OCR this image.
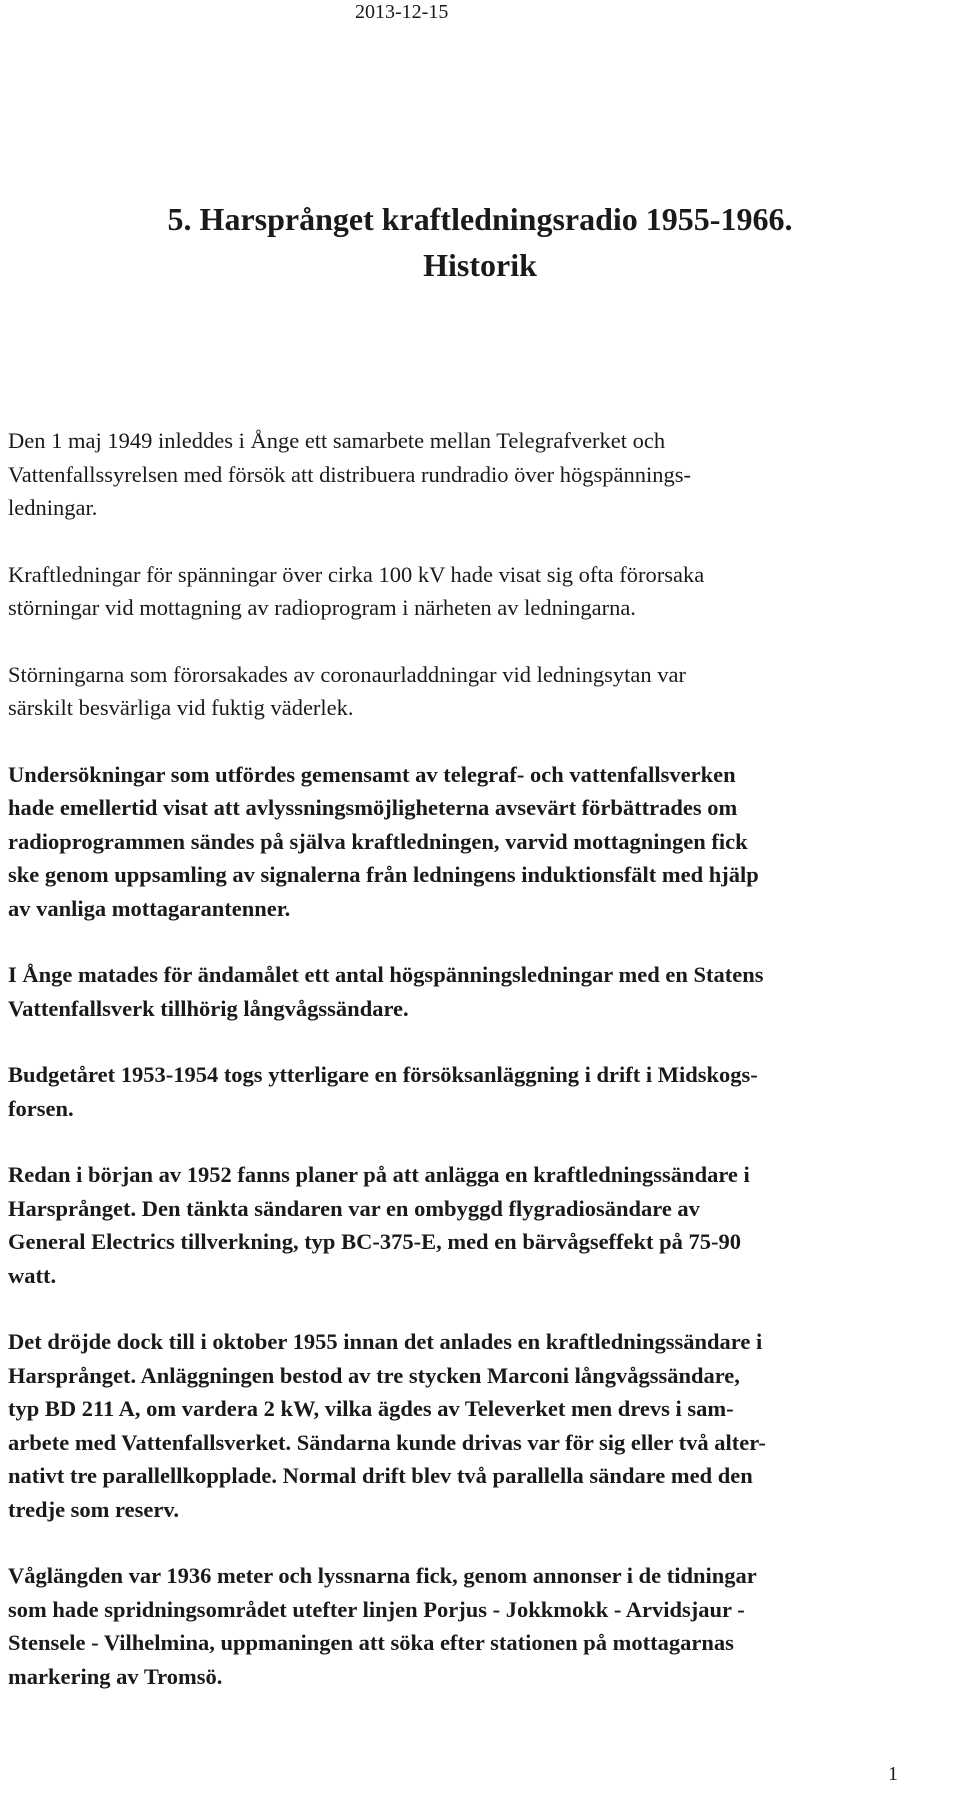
2013-12-15
5. Harsprånget kraftledningsradio 1955-1966.
Historik

Den 1 maj 1949 inleddes i Ånge ett samarbete mellan Telegrafverket och
Vattenfallssyrelsen med försök att distribuera rundradio över högspännings-
ledningar.

Kraftledningar för spänningar över cirka 100 kV hade visat sig ofta förorsaka
störningar vid mottagning av radioprogram i närheten av ledningarna.

Störningarna som förorsakades av coronaurladdningar vid ledningsytan var
särskilt besvärliga vid fuktig väderlek.

Undersökningar som utfördes gemensamt av telegraf- och vattenfallsverken
hade emellertid visat att avlyssningsmöjligheterna avsevärt förbättrades om
radioprogrammen sändes på själva kraftledningen, varvid mottagningen fick
ske genom uppsamling av signalerna från ledningens induktionsfält med hjälp
av vanliga mottagarantenner.

I Ånge matades för ändamålet ett antal högspänningsledningar med en Statens
Vattenfallsverk tillhörig långvågssändare.

Budgetåret 1953-1954 togs ytterligare en försöksanläggning i drift i Midskogs-
forsen.

Redan i början av 1952 fanns planer på att anlägga en kraftledningssändare i
Harsprånget. Den tänkta sändaren var en ombyggd flygradiosändare av
General Electrics tillverkning, typ BC-375-E, med en bärvågseffekt på 75-90
watt.

Det dröjde dock till i oktober 1955 innan det anlades en kraftledningssändare i
Harsprånget. Anläggningen bestod av tre stycken Marconi långvågssändare,
typ BD 211 A, om vardera 2 kW, vilka ägdes av Televerket men drevs i sam-
arbete med Vattenfallsverket. Sändarna kunde drivas var för sig eller två alter-
nativt tre parallellkopplade. Normal drift blev två parallella sändare med den
tredje som reserv.

Våglängden var 1936 meter och lyssnarna fick, genom annonser i de tidningar
som hade spridningsområdet utefter linjen Porjus - Jokkmokk - Arvidsjaur -
Stensele - Vilhelmina, uppmaningen att söka efter stationen på mottagarnas
markering av Tromsö.

1
